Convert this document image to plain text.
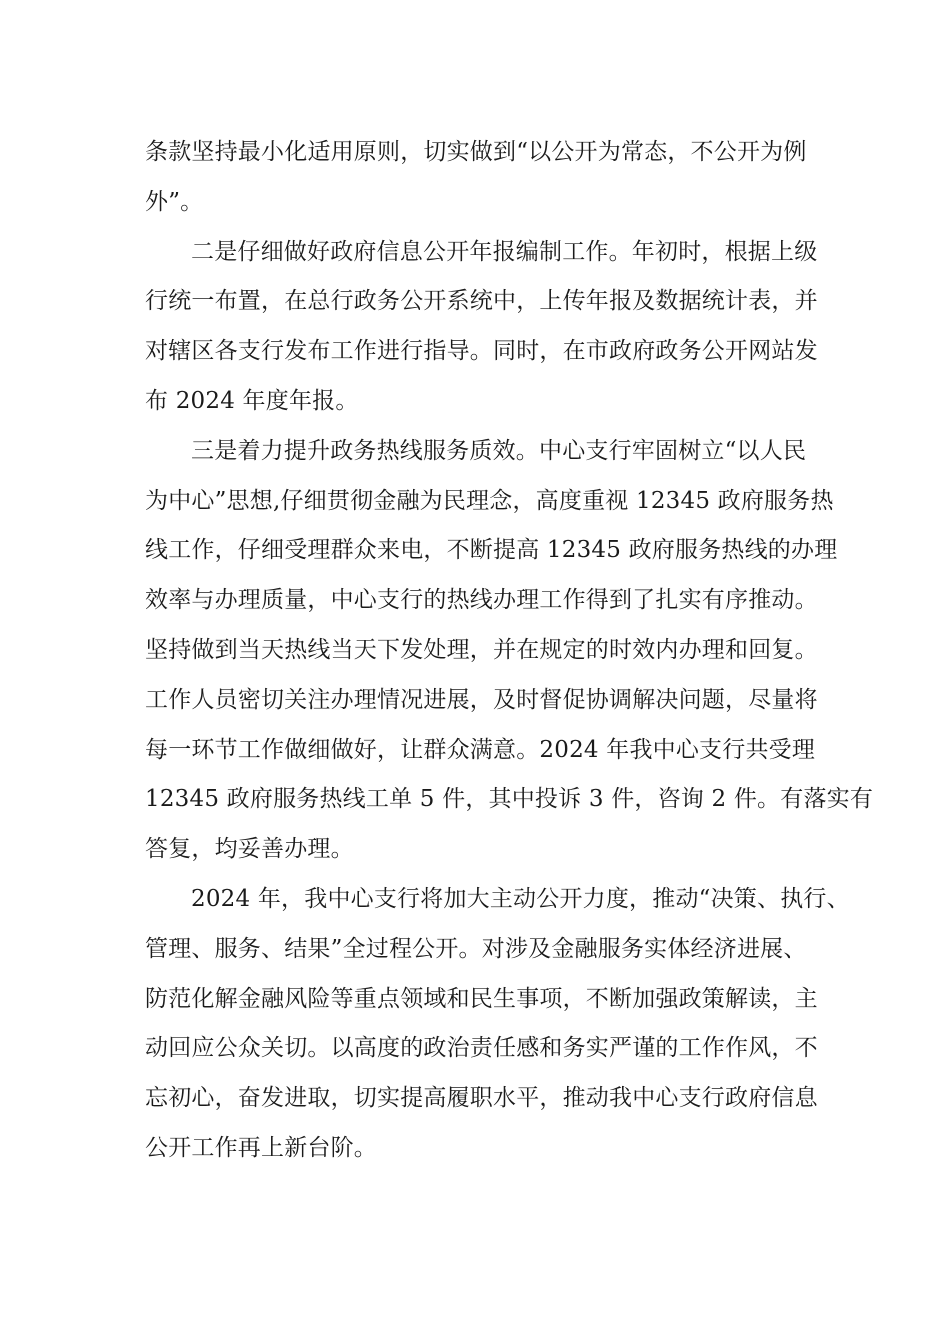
条款坚持最小化适用原则，切实做到“以公开为常态，不公开为例
外”。
二是仔细做好政府信息公开年报编制工作。年初时，根据上级
行统一布置，在总行政务公开系统中，上传年报及数据统计表，并
对辖区各支行发布工作进行指导。同时，在市政府政务公开网站发
布 2024 年度年报。
三是着力提升政务热线服务质效。中心支行牢固树立“以人民
为中心”思想,仔细贯彻金融为民理念，高度重视 12345 政府服务热
线工作，仔细受理群众来电，不断提高 12345 政府服务热线的办理
效率与办理质量，中心支行的热线办理工作得到了扎实有序推动。
坚持做到当天热线当天下发处理，并在规定的时效内办理和回复。
工作人员密切关注办理情况进展，及时督促协调解决问题，尽量将
每一环节工作做细做好，让群众满意。2024 年我中心支行共受理
12345 政府服务热线工单 5 件，其中投诉 3 件，咨询 2 件。有落实有
答复，均妥善办理。
2024 年，我中心支行将加大主动公开力度，推动“决策、执行、
管理、服务、结果”全过程公开。对涉及金融服务实体经济进展、
防范化解金融风险等重点领域和民生事项，不断加强政策解读，主
动回应公众关切。以高度的政治责任感和务实严谨的工作作风，不
忘初心，奋发进取，切实提高履职水平，推动我中心支行政府信息
公开工作再上新台阶。
